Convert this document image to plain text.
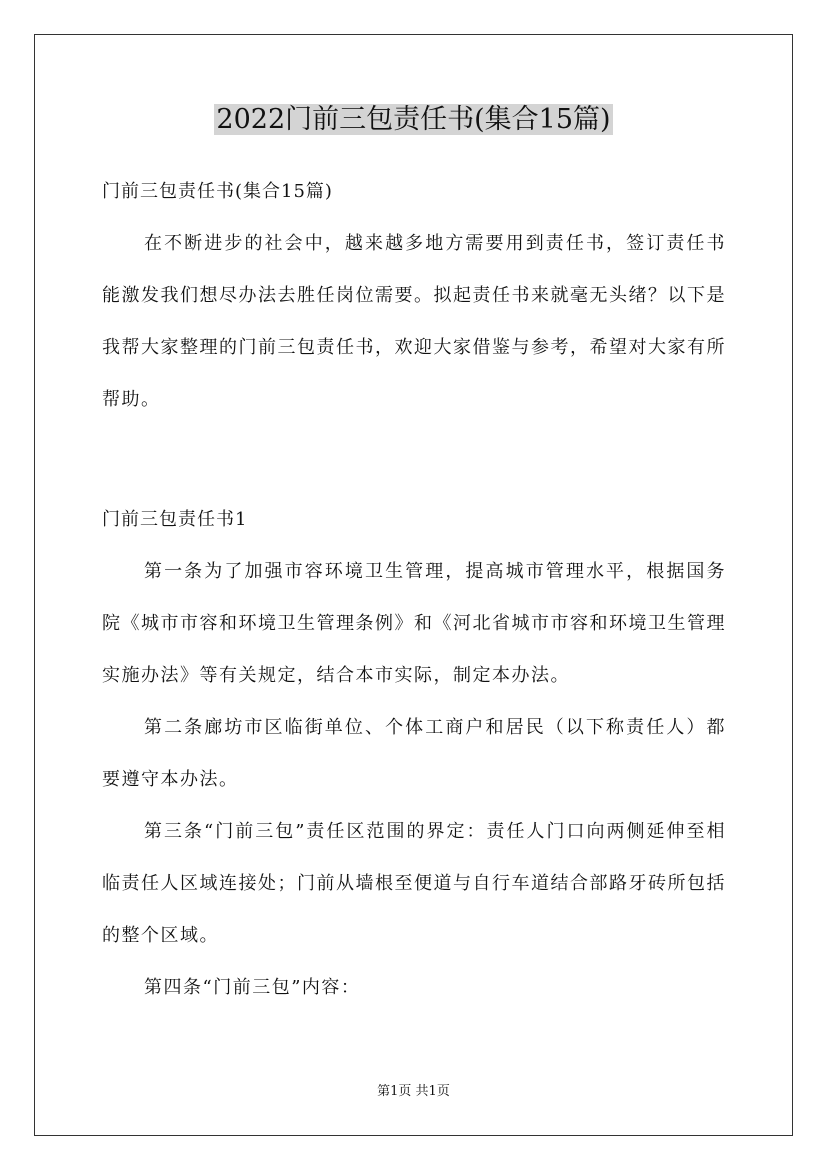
2022门前三包责任书(集合15篇)

门前三包责任书(集合15篇)

在不断进步的社会中，越来越多地方需要用到责任书，签订责任书能激发我们想尽办法去胜任岗位需要。拟起责任书来就毫无头绪？以下是我帮大家整理的门前三包责任书，欢迎大家借鉴与参考，希望对大家有所帮助。

门前三包责任书1

第一条为了加强市容环境卫生管理，提高城市管理水平，根据国务院《城市市容和环境卫生管理条例》和《河北省城市市容和环境卫生管理实施办法》等有关规定，结合本市实际，制定本办法。

第二条廊坊市区临街单位、个体工商户和居民（以下称责任人）都要遵守本办法。

第三条“门前三包”责任区范围的界定：责任人门口向两侧延伸至相临责任人区域连接处；门前从墙根至便道与自行车道结合部路牙砖所包括的整个区域。

第四条“门前三包”内容：

第1页 共1页
